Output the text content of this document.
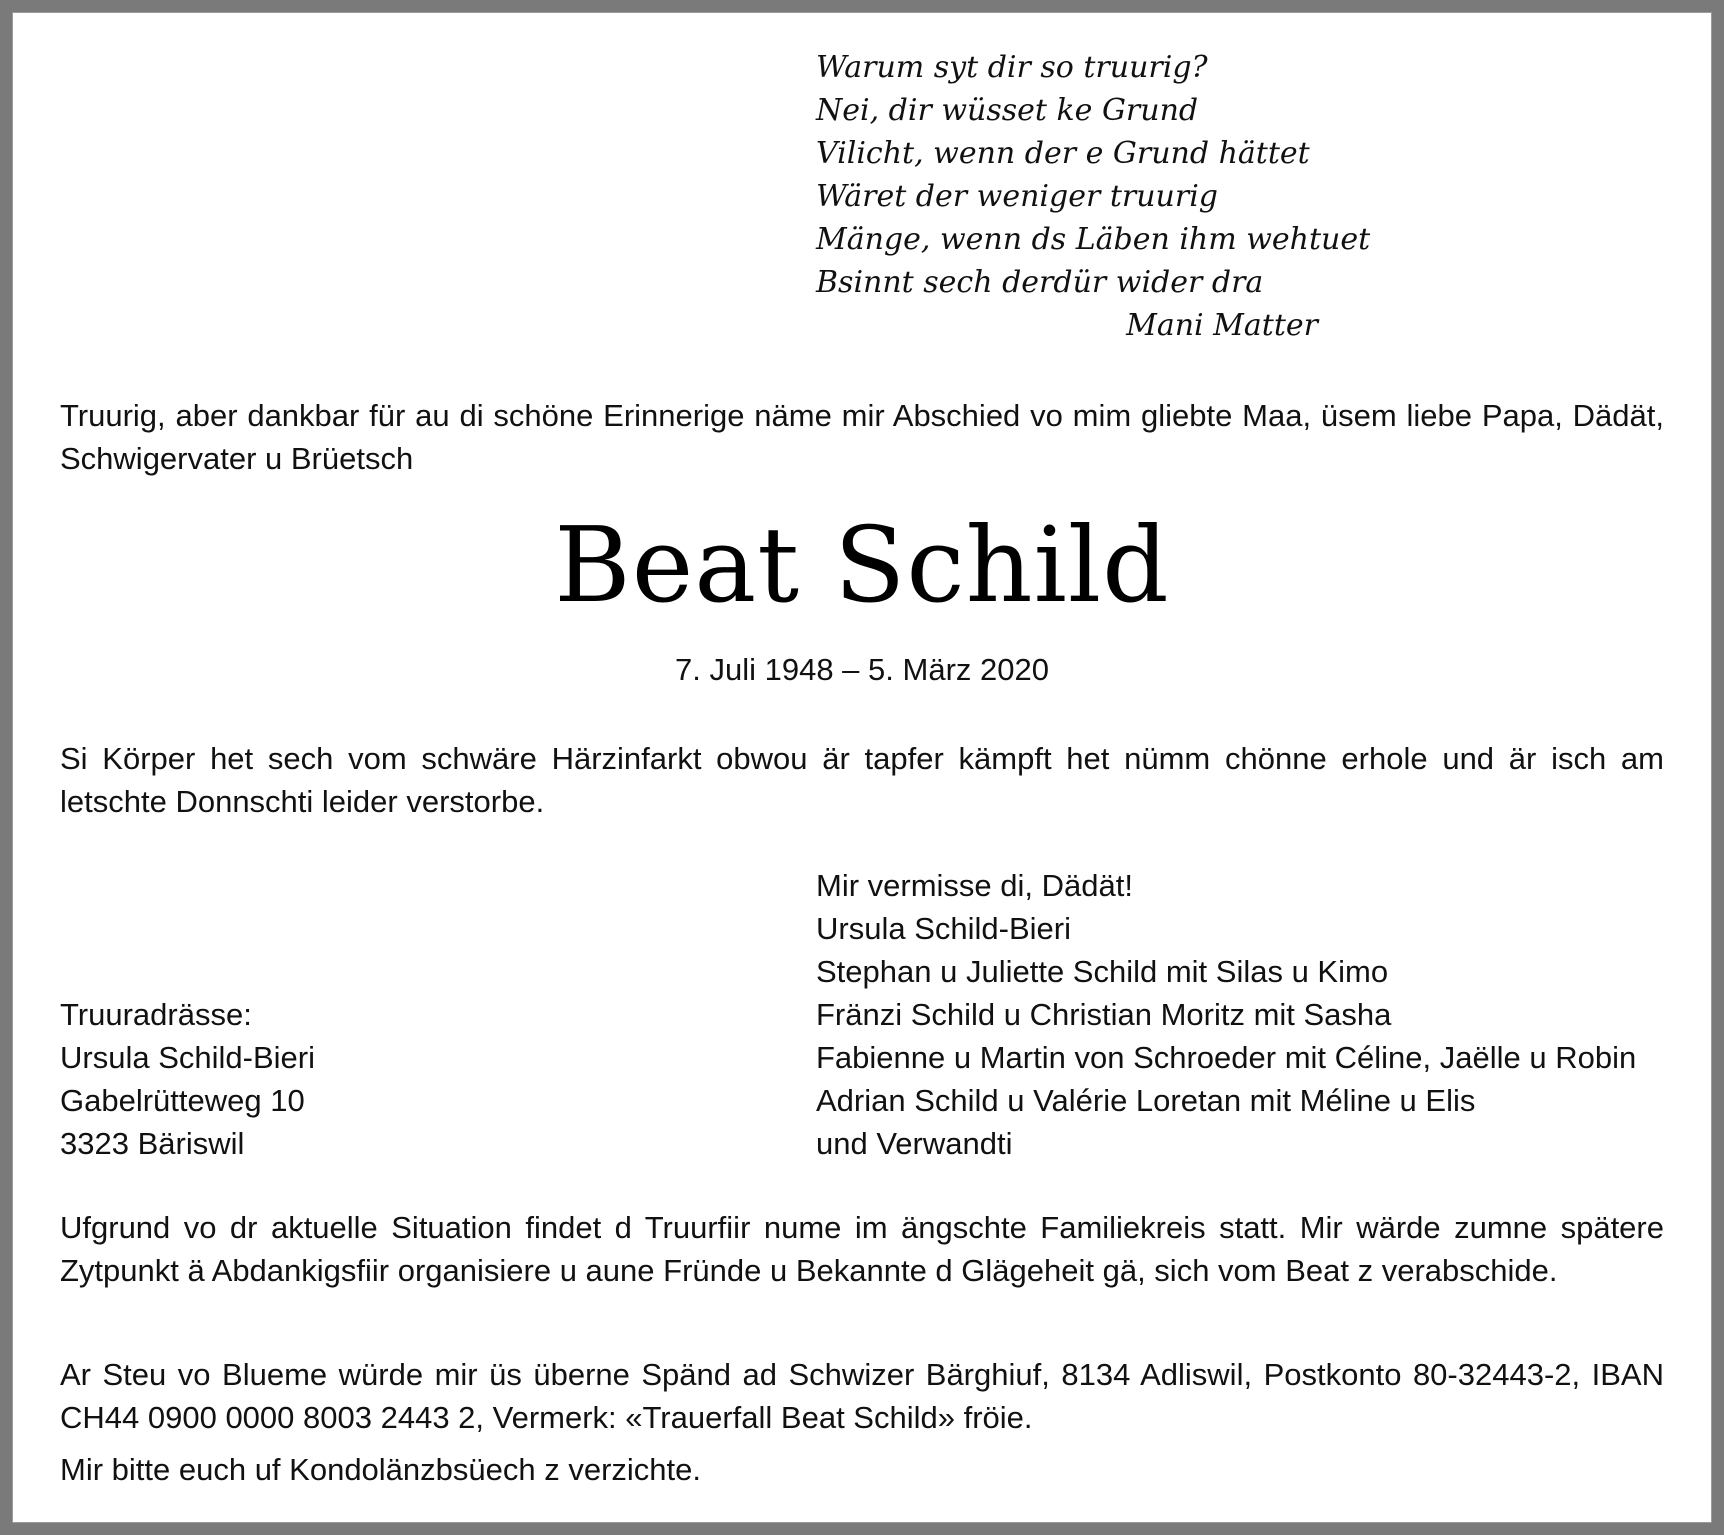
Warum syt dir so truurig?
Nei, dir wüsset ke Grund
Vilicht, wenn der e Grund hättet
Wäret der weniger truurig
Mänge, wenn ds Läben ihm wehtuet
Bsinnt sech derdür wider dra
Mani Matter
Truurig, aber dankbar für au di schöne Erinnerige näme mir Abschied vo mim gliebte Maa, üsem liebe Papa, Dädät, Schwigervater u Brüetsch
Beat Schild
7. Juli 1948 – 5. März 2020
Si Körper het sech vom schwäre Härzinfarkt obwou är tapfer kämpft het nümm chönne erhole und är isch am letschte Donnschti leider verstorbe.
Truuradrässe:
Ursula Schild-Bieri
Gabelrütteweg 10
3323 Bäriswil
Mir vermisse di, Dädät!
Ursula Schild-Bieri
Stephan u Juliette Schild mit Silas u Kimo
Fränzi Schild u Christian Moritz mit Sasha
Fabienne u Martin von Schroeder mit Céline, Jaëlle u Robin
Adrian Schild u Valérie Loretan mit Méline u Elis
und Verwandti
Ufgrund vo dr aktuelle Situation findet d Truurfiir nume im ängschte Familiekreis statt. Mir wärde zumne spätere Zytpunkt ä Abdankigsfiir organisiere u aune Fründe u Bekannte d Glägeheit gä, sich vom Beat z verabschide.
Ar Steu vo Blueme würde mir üs überne Spänd ad Schwizer Bärghiuf, 8134 Adliswil, Postkonto 80-32443-2, IBAN CH44 0900 0000 8003 2443 2, Vermerk: «Trauerfall Beat Schild» fröie.
Mir bitte euch uf Kondolänzbsüech z verzichte.
